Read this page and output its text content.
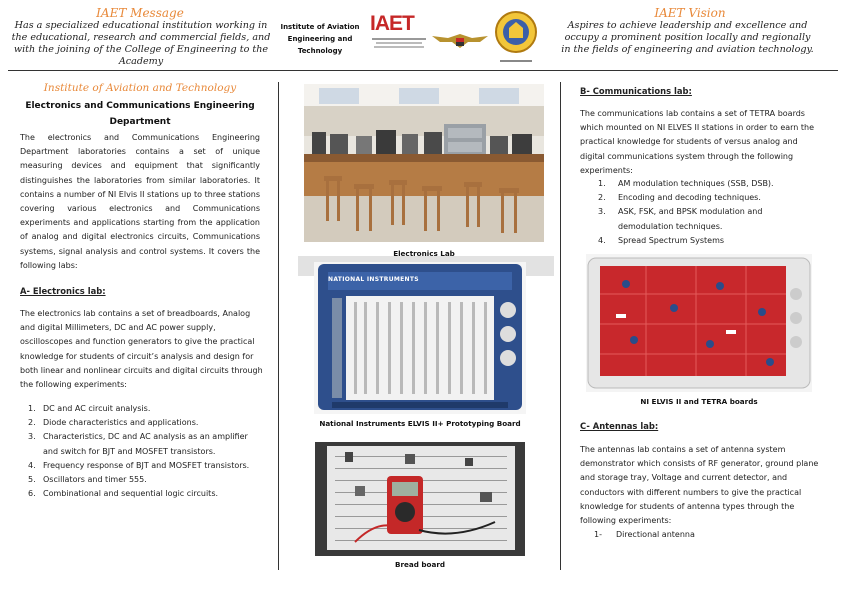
IAET Message
Has a specialized educational institution working in the educational, research and commercial fields, and with the joining of the College of Engineering to the Academy
Institute of Aviation Engineering and Technology
IAET	IAET Vision
Aspires to achieve leadership and excellence and occupy a prominent position locally and regionally in the fields of engineering and aviation technology.
Institute of Aviation and Technology
Electronics and Communications Engineering Department
The electronics and Communications Engineering Department laboratories contains a set of unique measuring devices and equipment that significantly distinguishes the laboratories from similar laboratories. It contains a number of NI Elvis II stations up to three stations covering various electronics and Communications experiments and applications starting from the application of analog and digital electronics circuits, Communications systems, signal analysis and control systems. It covers the following labs:
A- Electronics lab:
The electronics lab contains a set of breadboards, Analog and digital Millimeters, DC and AC power supply, oscilloscopes and function generators to give the practical knowledge for students of circuit’s analysis and design for both linear and nonlinear circuits and digital circuits through the following experiments:
1. DC and AC circuit analysis.
2. Diode characteristics and applications.
3. Characteristics, DC and AC analysis as an amplifier and switch for BJT and MOSFET transistors.
4. Frequency response of BJT and MOSFET transistors.
5. Oscillators and timer 555.
6. Combinational and sequential logic circuits.
Electronics Lab
NATIONAL INSTRUMENTS
National Instruments ELVIS II+ Prototyping Board
Bread board
B- Communications lab:
The communications lab contains a set of TETRA boards which mounted on NI ELVES II stations in order to earn the practical knowledge for students of versus analog and digital communications system through the following experiments:
1. AM modulation techniques (SSB, DSB).
2. Encoding and decoding techniques.
3. ASK, FSK, and BPSK modulation and demodulation techniques.
4. Spread Spectrum Systems
NI ELVIS II and TETRA boards
C- Antennas lab:
The antennas lab contains a set of antenna system demonstrator which consists of RF generator, ground plane and storage tray, Voltage and current detector, and conductors with different numbers to give the practical knowledge for students of antenna types through the following experiments:
1- Directional antenna
